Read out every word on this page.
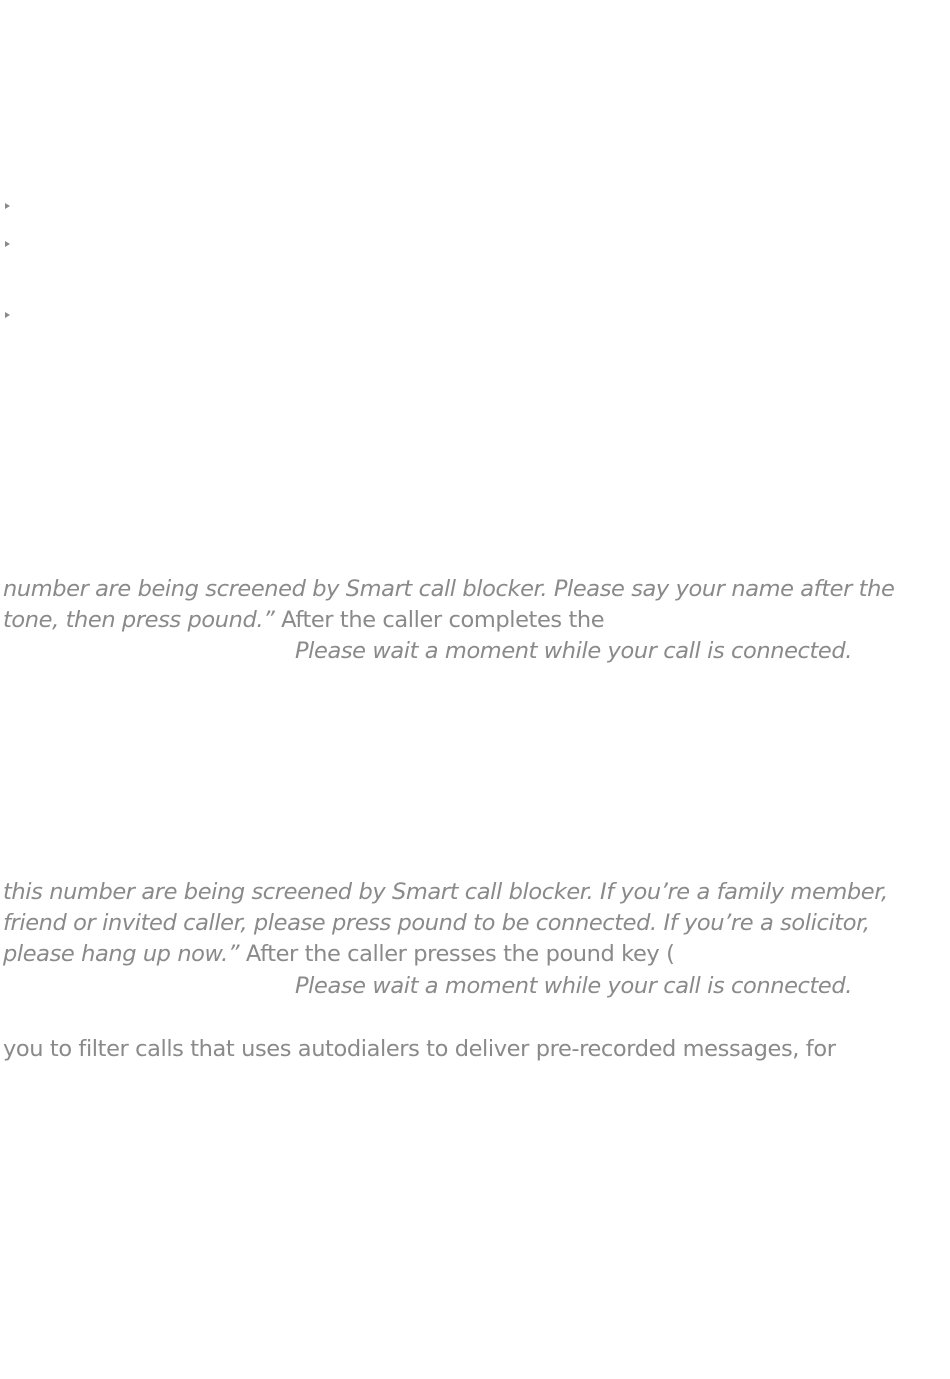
number are being screened by Smart call blocker. Please say your name after the
tone, then press pound.” After the caller completes the
Please wait a moment while your call is connected.
this number are being screened by Smart call blocker. If you’re a family member,
friend or invited caller, please press pound to be connected. If you’re a solicitor,
please hang up now.” After the caller presses the pound key (
Please wait a moment while your call is connected.
you to filter calls that uses autodialers to deliver pre-recorded messages, for
